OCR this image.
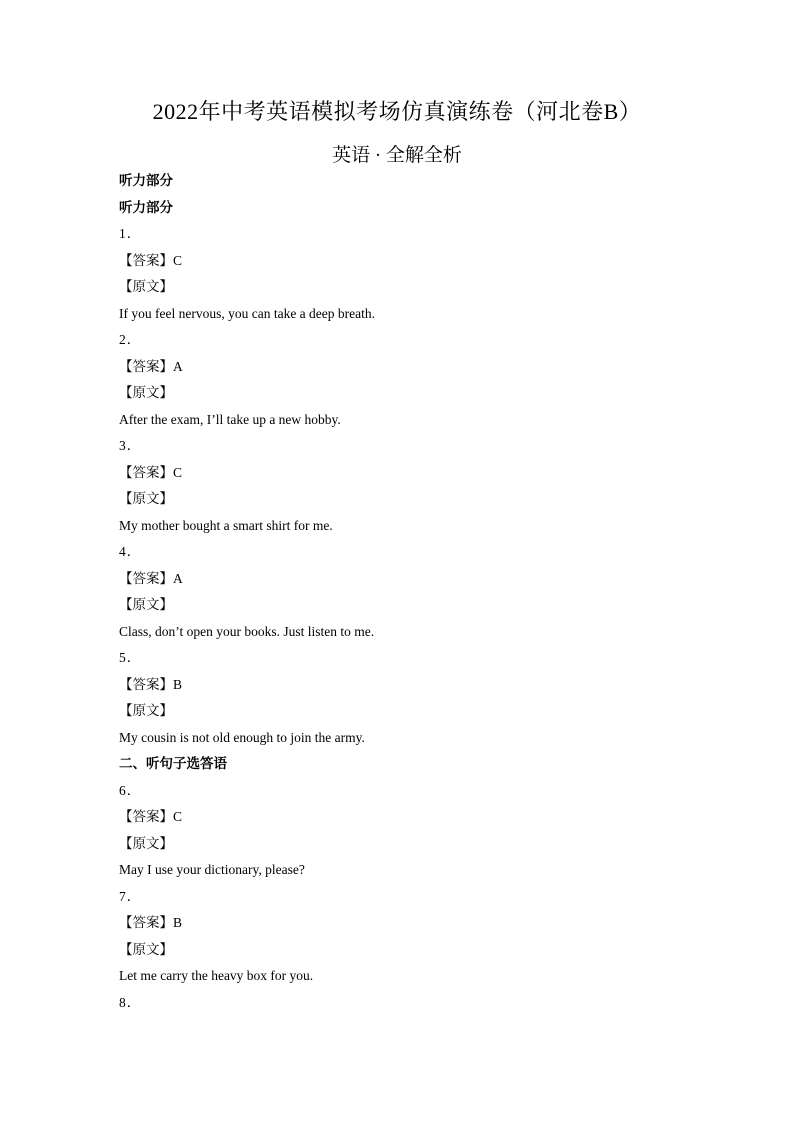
2022年中考英语模拟考场仿真演练卷（河北卷B）
英语 · 全解全析
听力部分
听力部分
1．
【答案】C
【原文】
If you feel nervous, you can take a deep breath.
2．
【答案】A
【原文】
After the exam, I’ll take up a new hobby.
3．
【答案】C
【原文】
My mother bought a smart shirt for me.
4．
【答案】A
【原文】
Class, don’t open your books. Just listen to me.
5．
【答案】B
【原文】
My cousin is not old enough to join the army.
二、听句子选答语
6．
【答案】C
【原文】
May I use your dictionary, please?
7．
【答案】B
【原文】
Let me carry the heavy box for you.
8．
